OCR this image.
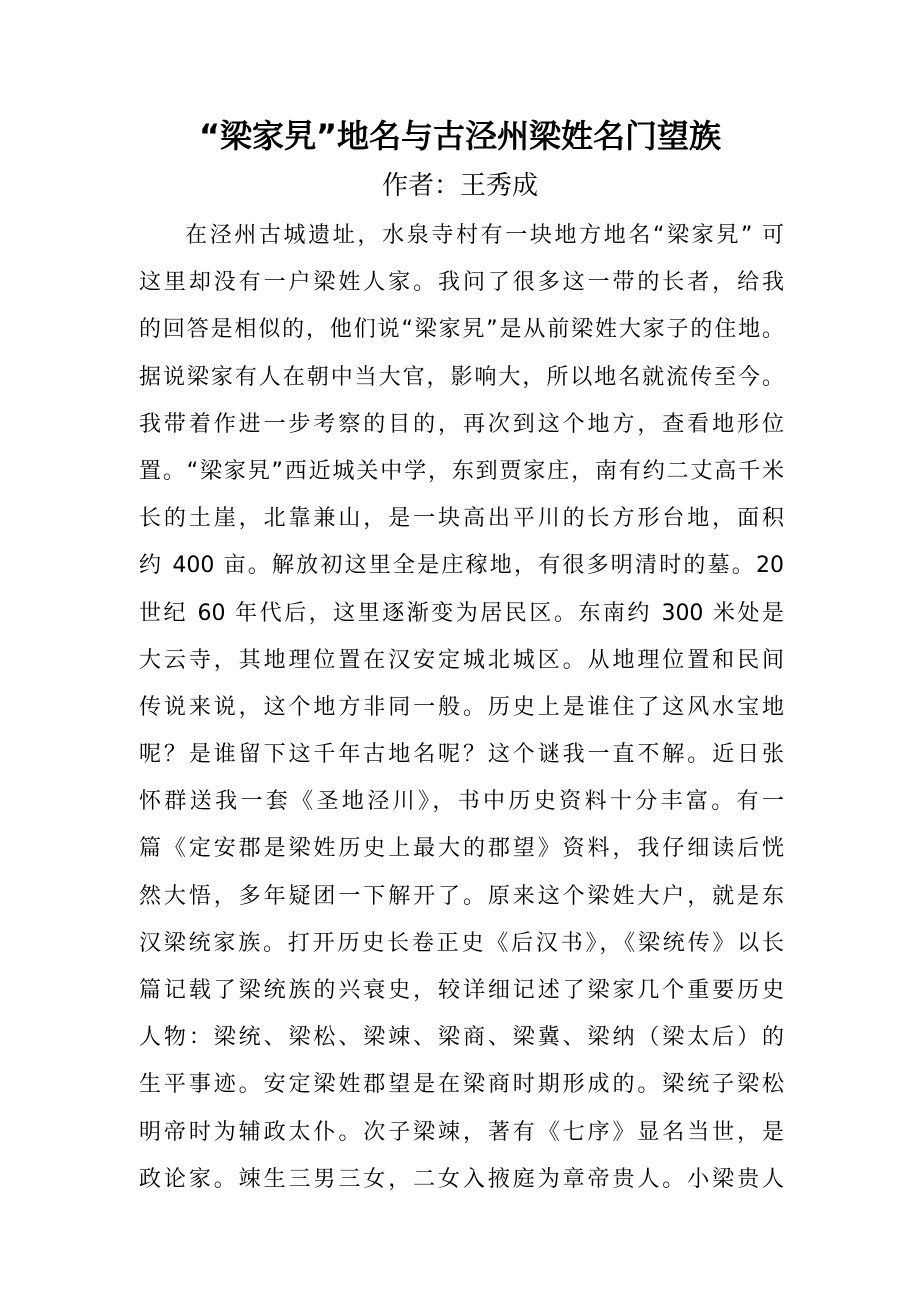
“梁家旯”地名与古泾州梁姓名门望族
作者：王秀成
在泾州古城遗址，水泉寺村有一块地方地名“梁家旯” 可
这里却没有一户梁姓人家。我问了很多这一带的长者，给我
的回答是相似的，他们说“梁家旯”是从前梁姓大家子的住地。
据说梁家有人在朝中当大官，影响大，所以地名就流传至今。
我带着作进一步考察的目的，再次到这个地方，查看地形位
置。“梁家旯”西近城关中学，东到贾家庄，南有约二丈高千米
长的土崖，北靠兼山，是一块高出平川的长方形台地，面积
约 400 亩。解放初这里全是庄稼地，有很多明清时的墓。20
世纪 60 年代后，这里逐渐变为居民区。东南约 300 米处是
大云寺，其地理位置在汉安定城北城区。从地理位置和民间
传说来说，这个地方非同一般。历史上是谁住了这风水宝地
呢？是谁留下这千年古地名呢？这个谜我一直不解。近日张
怀群送我一套《圣地泾川》，书中历史资料十分丰富。有一
篇《定安郡是梁姓历史上最大的郡望》资料，我仔细读后恍
然大悟，多年疑团一下解开了。原来这个梁姓大户，就是东
汉梁统家族。打开历史长卷正史《后汉书》，《梁统传》以长
篇记载了梁统族的兴衰史，较详细记述了梁家几个重要历史
人物：梁统、梁松、梁竦、梁商、梁冀、梁纳（梁太后）的
生平事迹。安定梁姓郡望是在梁商时期形成的。梁统子梁松
明帝时为辅政太仆。次子梁竦，著有《七序》显名当世，是
政论家。竦生三男三女，二女入掖庭为章帝贵人。小梁贵人
